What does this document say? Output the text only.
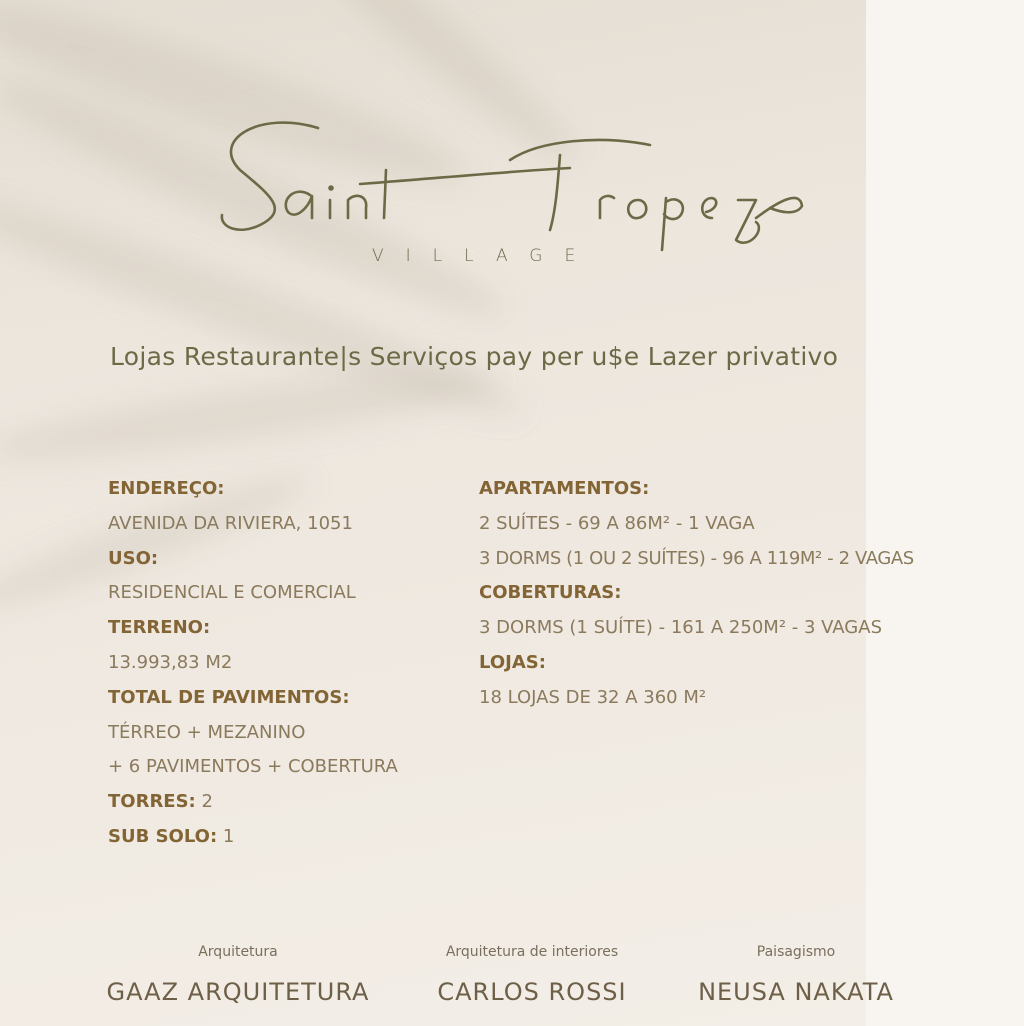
VILLAGE
Lojas Restaurante|s Serviços pay per u$e Lazer privativo
ENDEREÇO:
AVENIDA DA RIVIERA, 1051
USO:
RESIDENCIAL E COMERCIAL
TERRENO:
13.993,83 M2
TOTAL DE PAVIMENTOS:
TÉRREO + MEZANINO
+ 6 PAVIMENTOS + COBERTURA
TORRES: 2
SUB SOLO: 1
APARTAMENTOS:
2 SUÍTES - 69 A 86M² - 1 VAGA
3 DORMS (1 OU 2 SUÍTES) - 96 A 119M² - 2 VAGAS
COBERTURAS:
3 DORMS (1 SUÍTE) - 161 A 250M² - 3 VAGAS
LOJAS:
18 LOJAS DE 32 A 360 M²
Arquitetura
GAAZ ARQUITETURA
Arquitetura de interiores
CARLOS ROSSI
Paisagismo
NEUSA NAKATA
